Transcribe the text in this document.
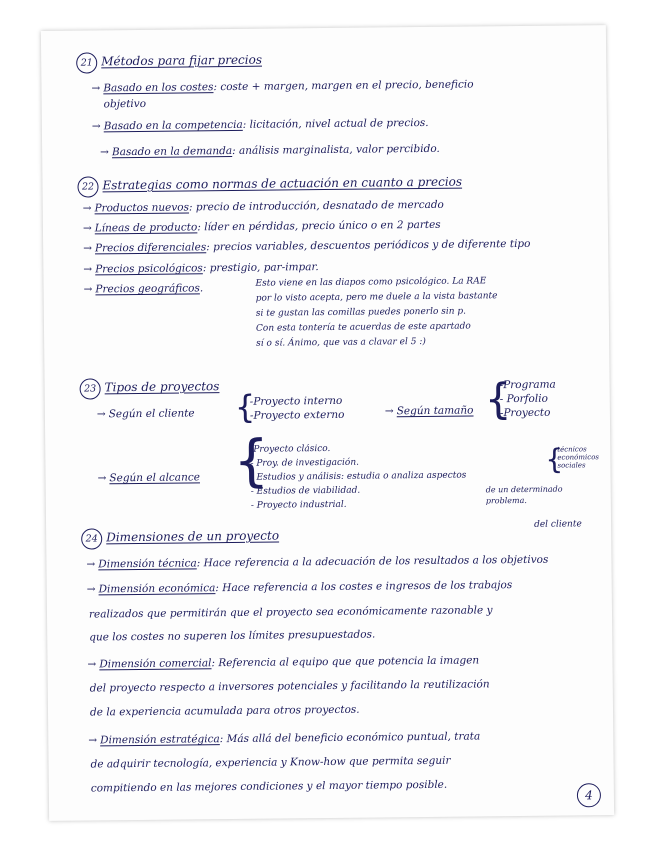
21 Métodos para fijar precios
→ Basado en los costes: coste + margen, margen en el precio, beneficio
objetivo
→ Basado en la competencia: licitación, nivel actual de precios.
→ Basado en la demanda: análisis marginalista, valor percibido.
22 Estrategias como normas de actuación en cuanto a precios
→ Productos nuevos: precio de introducción, desnatado de mercado
→ Líneas de producto: líder en pérdidas, precio único o en 2 partes
→ Precios diferenciales: precios variables, descuentos periódicos y de diferente tipo
→ Precios psicológicos: prestigio, par-impar.
→ Precios geográficos.	Esto viene en las diapos como psicológico. La RAE
por lo visto acepta, pero me duele a la vista bastante
si te gustan las comillas puedes ponerlo sin p.
Con esta tontería te acuerdas de este apartado
sí o sí. Ánimo, que vas a clavar el 5 :)
23 Tipos de proyectos
→ Según el cliente {
-Proyecto interno
-Proyecto externo	→ Según tamaño {
-Programa
- Porfolio
-Proyecto
→ Según el alcance {
-Proyecto clásico.
- Proy. de investigación.
- Estudios y análisis: estudia o analiza aspectos
- Estudios de viabilidad.
- Proyecto industrial.
{
técnicos
económicos
sociales
de un determinado
problema.
24 Dimensiones de un proyecto
del cliente
→ Dimensión técnica: Hace referencia a la adecuación de los resultados a los objetivos
→ Dimensión económica: Hace referencia a los costes e ingresos de los trabajos
realizados que permitirán que el proyecto sea económicamente razonable y
que los costes no superen los límites presupuestados.
→ Dimensión comercial: Referencia al equipo que que potencia la imagen
del proyecto respecto a inversores potenciales y facilitando la reutilización
de la experiencia acumulada para otros proyectos.
→ Dimensión estratégica: Más allá del beneficio económico puntual, trata
de adquirir tecnología, experiencia y Know-how que permita seguir
compitiendo en las mejores condiciones y el mayor tiempo posible.
4
